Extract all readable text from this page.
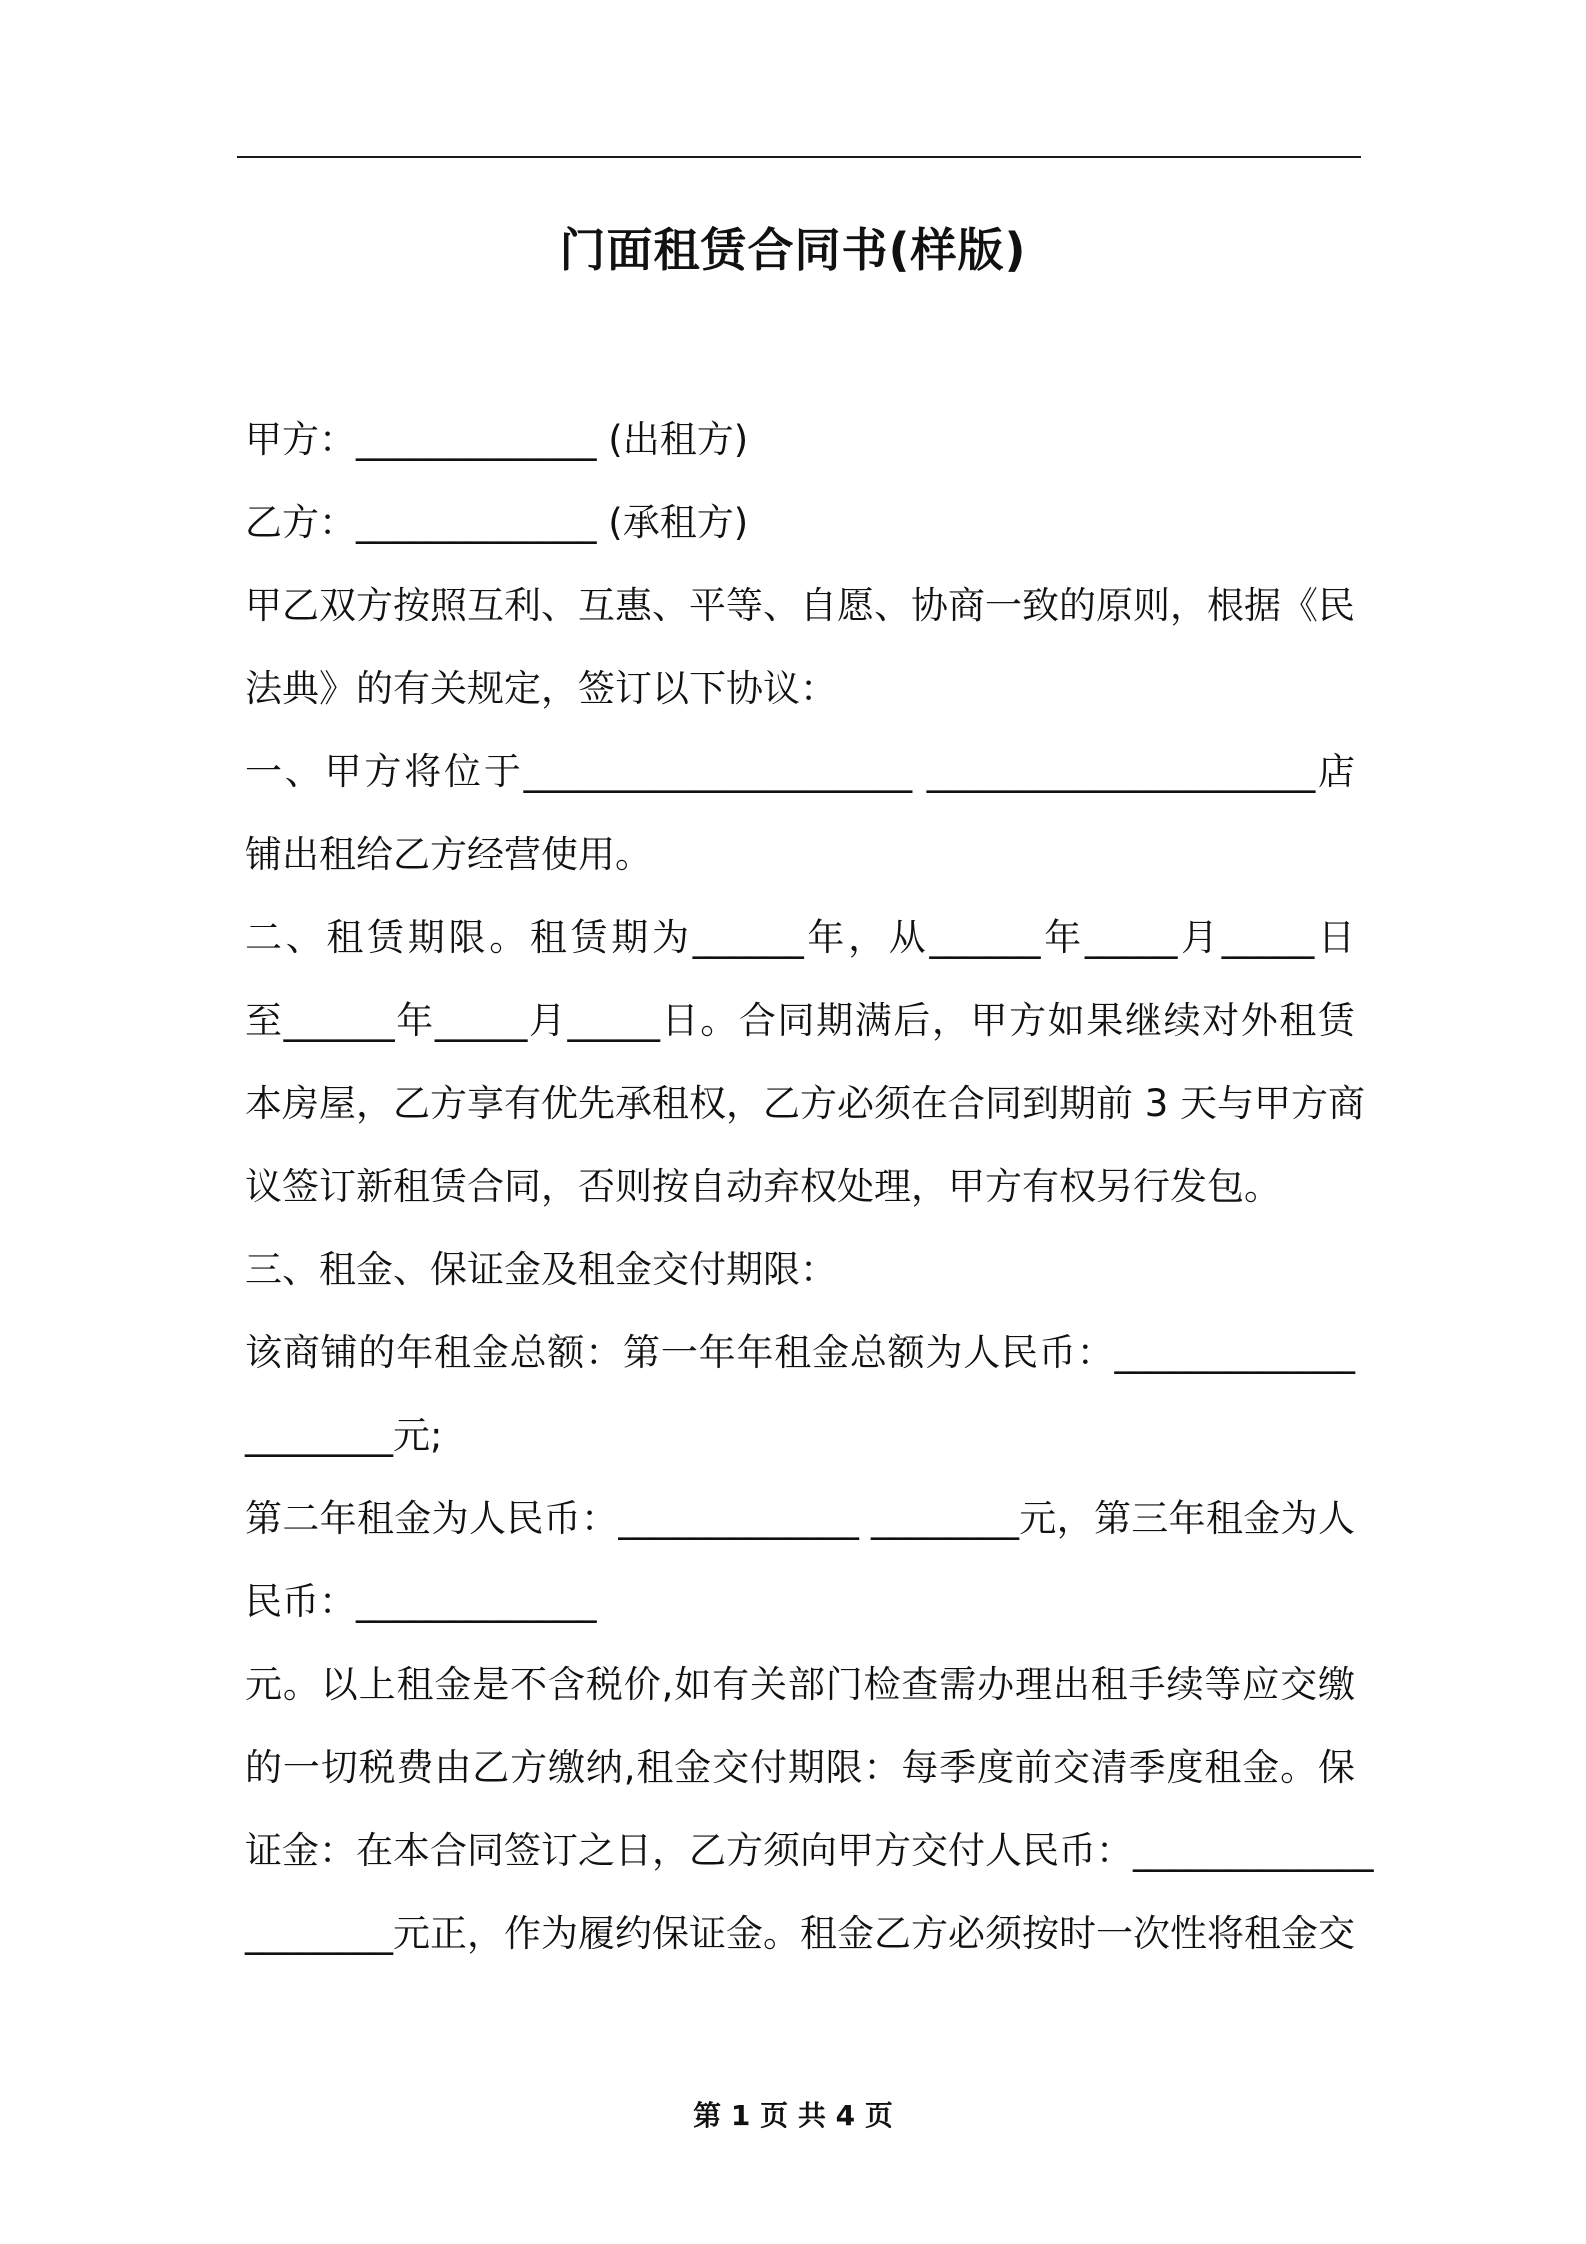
门面租赁合同书(样版)
甲方：_____________ (出租方)
乙方：_____________ (承租方)
甲乙双方按照互利、互惠、平等、自愿、协商一致的原则，根据《民
法典》的有关规定，签订以下协议：
一、甲方将位于_____________________ _____________________店
铺出租给乙方经营使用。
二、租赁期限。租赁期为______年，从______年_____月_____日
至______年_____月_____日。合同期满后，甲方如果继续对外租赁
本房屋，乙方享有优先承租权，乙方必须在合同到期前 3 天与甲方商
议签订新租赁合同，否则按自动弃权处理，甲方有权另行发包。
三、租金、保证金及租金交付期限：
该商铺的年租金总额：第一年年租金总额为人民币：_____________
________元;
第二年租金为人民币：_____________ ________元，第三年租金为人
民币：_____________
元。以上租金是不含税价,如有关部门检查需办理出租手续等应交缴
的一切税费由乙方缴纳,租金交付期限：每季度前交清季度租金。保
证金：在本合同签订之日，乙方须向甲方交付人民币：_____________
________元正，作为履约保证金。租金乙方必须按时一次性将租金交
第 1 页 共 4 页
